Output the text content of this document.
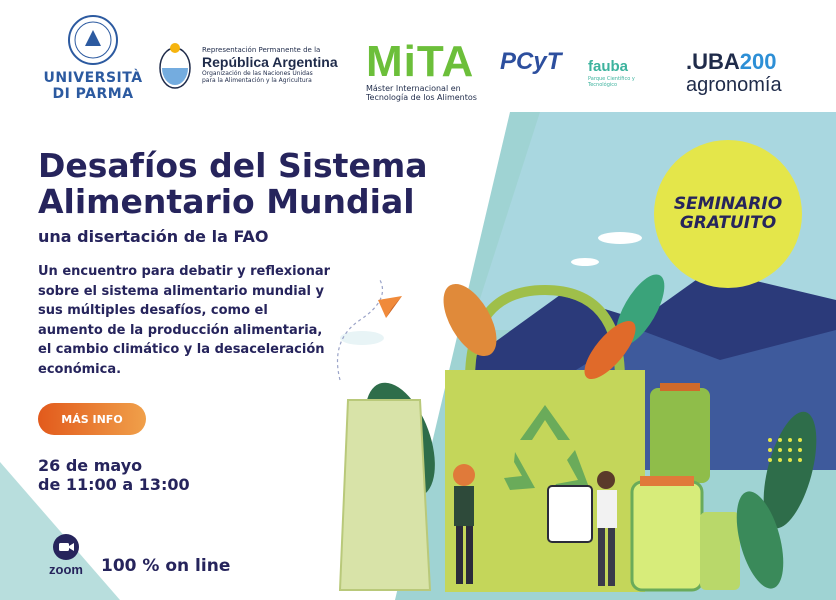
UNIVERSITÀ
DI PARMA
Representación Permanente de la
República Argentina
Organización de las Naciones Unidas
para la Alimentación y la Agricultura	MiTA
Máster Internacional en
Tecnología de los Alimentos
PCyT fauba
Parque Científico y Tecnológico
.UBA200
agronomía
SEMINARIO
GRATUITO
Desafíos del Sistema
Alimentario Mundial
una disertación de la FAO
Un encuentro para debatir y reflexionar
sobre el sistema alimentario mundial y
sus múltiples desafíos, como el
aumento de la producción alimentaria,
el cambio climático y la desaceleración
económica.
MÁS INFO
26 de mayo
de 11:00 a 13:00
zoom	100 % on line
